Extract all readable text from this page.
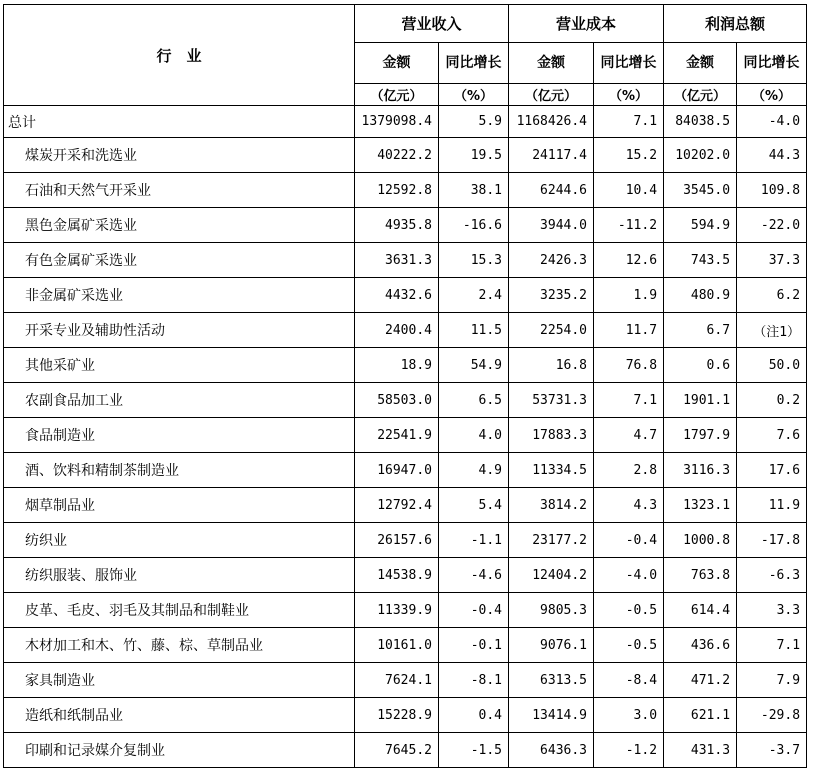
行　业	营业收入		营业成本		利润总额	
	金额	同比增长	金额	同比增长	金额	同比增长
	（亿元）	（%）	（亿元）	（%）	（亿元）	（%）
总计	1379098.4	5.9	1168426.4	7.1	84038.5	-4.0
煤炭开采和洗选业	40222.2	19.5	24117.4	15.2	10202.0	44.3
石油和天然气开采业	12592.8	38.1	6244.6	10.4	3545.0	109.8
黑色金属矿采选业	4935.8	-16.6	3944.0	-11.2	594.9	-22.0
有色金属矿采选业	3631.3	15.3	2426.3	12.6	743.5	37.3
非金属矿采选业	4432.6	2.4	3235.2	1.9	480.9	6.2
开采专业及辅助性活动	2400.4	11.5	2254.0	11.7	6.7	（注1）
其他采矿业	18.9	54.9	16.8	76.8	0.6	50.0
农副食品加工业	58503.0	6.5	53731.3	7.1	1901.1	0.2
食品制造业	22541.9	4.0	17883.3	4.7	1797.9	7.6
酒、饮料和精制茶制造业	16947.0	4.9	11334.5	2.8	3116.3	17.6
烟草制品业	12792.4	5.4	3814.2	4.3	1323.1	11.9
纺织业	26157.6	-1.1	23177.2	-0.4	1000.8	-17.8
纺织服装、服饰业	14538.9	-4.6	12404.2	-4.0	763.8	-6.3
皮革、毛皮、羽毛及其制品和制鞋业	11339.9	-0.4	9805.3	-0.5	614.4	3.3
木材加工和木、竹、藤、棕、草制品业	10161.0	-0.1	9076.1	-0.5	436.6	7.1
家具制造业	7624.1	-8.1	6313.5	-8.4	471.2	7.9
造纸和纸制品业	15228.9	0.4	13414.9	3.0	621.1	-29.8
印刷和记录媒介复制业	7645.2	-1.5	6436.3	-1.2	431.3	-3.7
